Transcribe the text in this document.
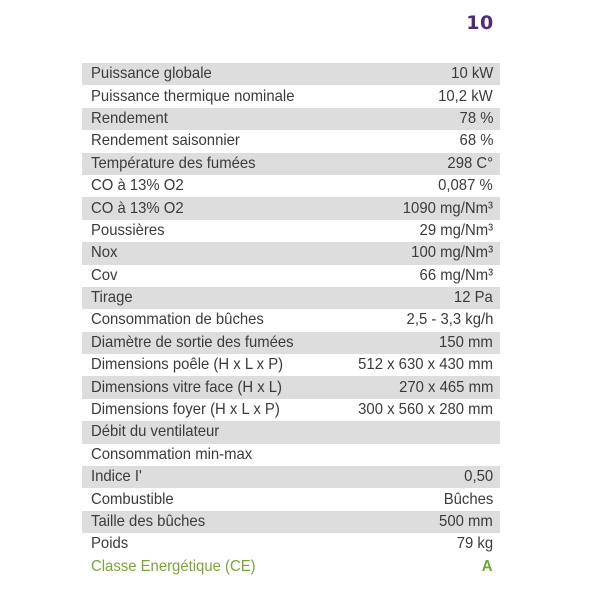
10
Puissance globale	10 kW
Puissance thermique nominale	10,2 kW
Rendement	78 %
Rendement saisonnier	68 %
Température des fumées	298 C°
CO à 13% O2	0,087 %
CO à 13% O2	1090 mg/Nm³
Poussières	29 mg/Nm³
Nox	100 mg/Nm³
Cov	66 mg/Nm³
Tirage	12 Pa
Consommation de bûches	2,5 - 3,3 kg/h
Diamètre de sortie des fumées	150 mm
Dimensions poêle (H x L x P)	512 x 630 x 430 mm
Dimensions vitre face (H x L)	270 x 465 mm
Dimensions foyer (H x L x P)	300 x 560 x 280 mm
Débit du ventilateur
Consommation min-max
Indice I'	0,50
Combustible	Bûches
Taille des bûches	500 mm
Poids	79 kg
Classe Energétique (CE)	A
